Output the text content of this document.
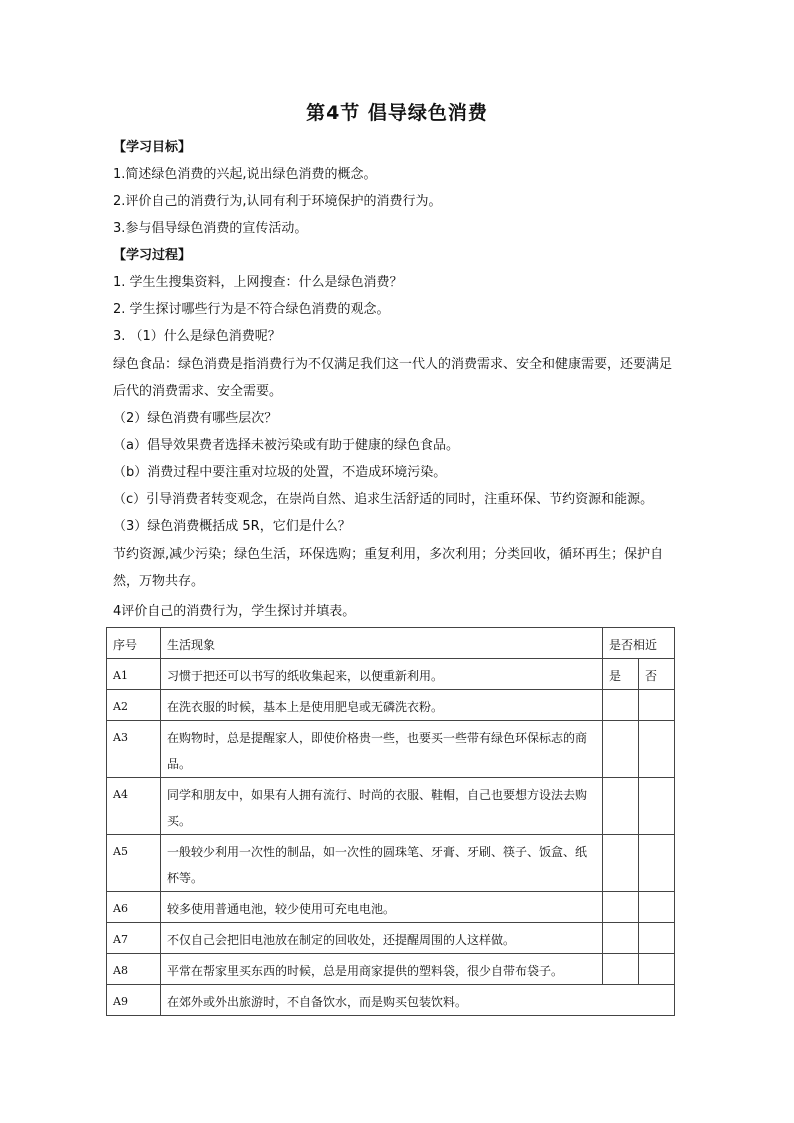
第4节 倡导绿色消费
【学习目标】
1.简述绿色消费的兴起,说出绿色消费的概念。
2.评价自己的消费行为,认同有利于环境保护的消费行为。
3.参与倡导绿色消费的宣传活动。
【学习过程】
1. 学生生搜集资料，上网搜查：什么是绿色消费？
2. 学生探讨哪些行为是不符合绿色消费的观念。
3. （1）什么是绿色消费呢？
绿色食品：绿色消费是指消费行为不仅满足我们这一代人的消费需求、安全和健康需要，还要满足后代的消费需求、安全需要。
（2）绿色消费有哪些层次？
（a）倡导效果费者选择未被污染或有助于健康的绿色食品。
（b）消费过程中要注重对垃圾的处置，不造成环境污染。
（c）引导消费者转变观念，在崇尚自然、追求生活舒适的同时，注重环保、节约资源和能源。
（3）绿色消费概括成 5R，它们是什么？
节约资源,减少污染；绿色生活，环保选购；重复利用，多次利用；分类回收，循环再生；保护自然，万物共存。
4评价自己的消费行为，学生探讨并填表。
序号	生活现象	是否相近	
A1	习惯于把还可以书写的纸收集起来，以便重新利用。	是	否
A2	在洗衣服的时候，基本上是使用肥皂或无磷洗衣粉。		
A3	在购物时，总是提醒家人，即使价格贵一些，也要买一些带有绿色环保标志的商品。		
A4	同学和朋友中，如果有人拥有流行、时尚的衣服、鞋帽，自己也要想方设法去购买。		
A5	一般较少利用一次性的制品，如一次性的圆珠笔、牙膏、牙刷、筷子、饭盒、纸杯等。		
A6	较多使用普通电池，较少使用可充电电池。		
A7	不仅自己会把旧电池放在制定的回收处，还提醒周围的人这样做。		
A8	平常在帮家里买东西的时候，总是用商家提供的塑料袋，很少自带布袋子。		
A9	在郊外或外出旅游时，不自备饮水，而是购买包装饮料。		
